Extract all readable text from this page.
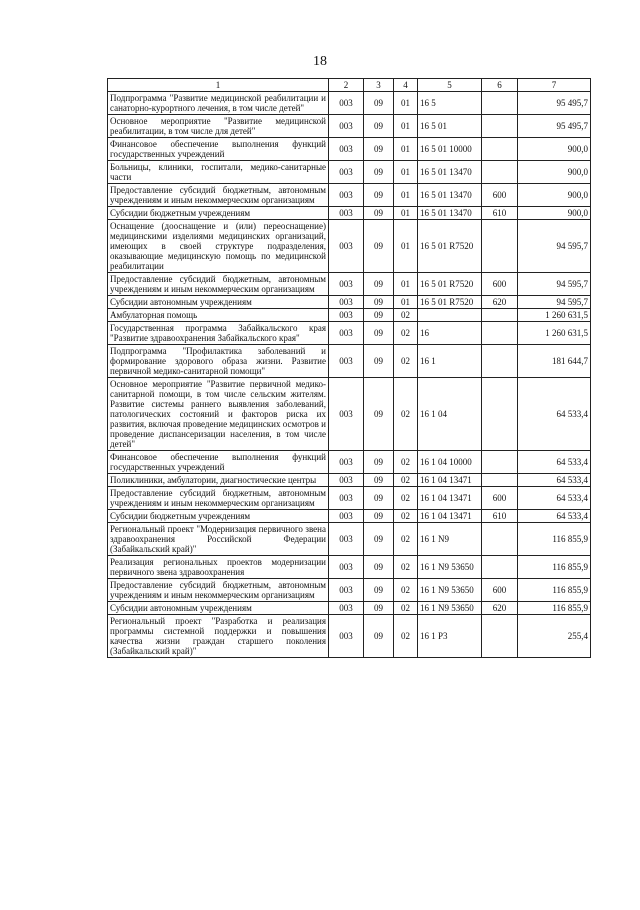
18
1	2	3	4	5	6	7
Подпрограмма "Развитие медицинской реабилитации и санаторно-курортного лечения, в том числе детей"	003	09	01	16 5		95 495,7
Основное мероприятие "Развитие медицинской реабилитации, в том числе для детей"	003	09	01	16 5 01		95 495,7
Финансовое обеспечение выполнения функций государственных учреждений	003	09	01	16 5 01 10000		900,0
Больницы, клиники, госпитали, медико-санитарные части	003	09	01	16 5 01 13470		900,0
Предоставление субсидий бюджетным, автономным учреждениям и иным некоммерческим организациям	003	09	01	16 5 01 13470	600	900,0
Субсидии бюджетным учреждениям	003	09	01	16 5 01 13470	610	900,0
Оснащение (дооснащение и (или) переоснащение) медицинскими изделиями медицинских организаций, имеющих в своей структуре подразделения, оказывающие медицинскую помощь по медицинской реабилитации	003	09	01	16 5 01 R7520		94 595,7
Предоставление субсидий бюджетным, автономным учреждениям и иным некоммерческим организациям	003	09	01	16 5 01 R7520	600	94 595,7
Субсидии автономным учреждениям	003	09	01	16 5 01 R7520	620	94 595,7
Амбулаторная помощь	003	09	02			1 260 631,5
Государственная программа Забайкальского края "Развитие здравоохранения Забайкальского края"	003	09	02	16		1 260 631,5
Подпрограмма "Профилактика заболеваний и формирование здорового образа жизни. Развитие первичной медико-санитарной помощи"	003	09	02	16 1		181 644,7
Основное мероприятие "Развитие первичной медико-санитарной помощи, в том числе сельским жителям. Развитие системы раннего выявления заболеваний, патологических состояний и факторов риска их развития, включая проведение медицинских осмотров и проведение диспансеризации населения, в том числе детей"	003	09	02	16 1 04		64 533,4
Финансовое обеспечение выполнения функций государственных учреждений	003	09	02	16 1 04 10000		64 533,4
Поликлиники, амбулатории, диагностические центры	003	09	02	16 1 04 13471		64 533,4
Предоставление субсидий бюджетным, автономным учреждениям и иным некоммерческим организациям	003	09	02	16 1 04 13471	600	64 533,4
Субсидии бюджетным учреждениям	003	09	02	16 1 04 13471	610	64 533,4
Региональный проект "Модернизация первичного звена здравоохранения Российской Федерации (Забайкальский край)"	003	09	02	16 1 N9		116 855,9
Реализация региональных проектов модернизации первичного звена здравоохранения	003	09	02	16 1 N9 53650		116 855,9
Предоставление субсидий бюджетным, автономным учреждениям и иным некоммерческим организациям	003	09	02	16 1 N9 53650	600	116 855,9
Субсидии автономным учреждениям	003	09	02	16 1 N9 53650	620	116 855,9
Региональный проект "Разработка и реализация программы системной поддержки и повышения качества жизни граждан старшего поколения (Забайкальский край)"	003	09	02	16 1 P3		255,4
